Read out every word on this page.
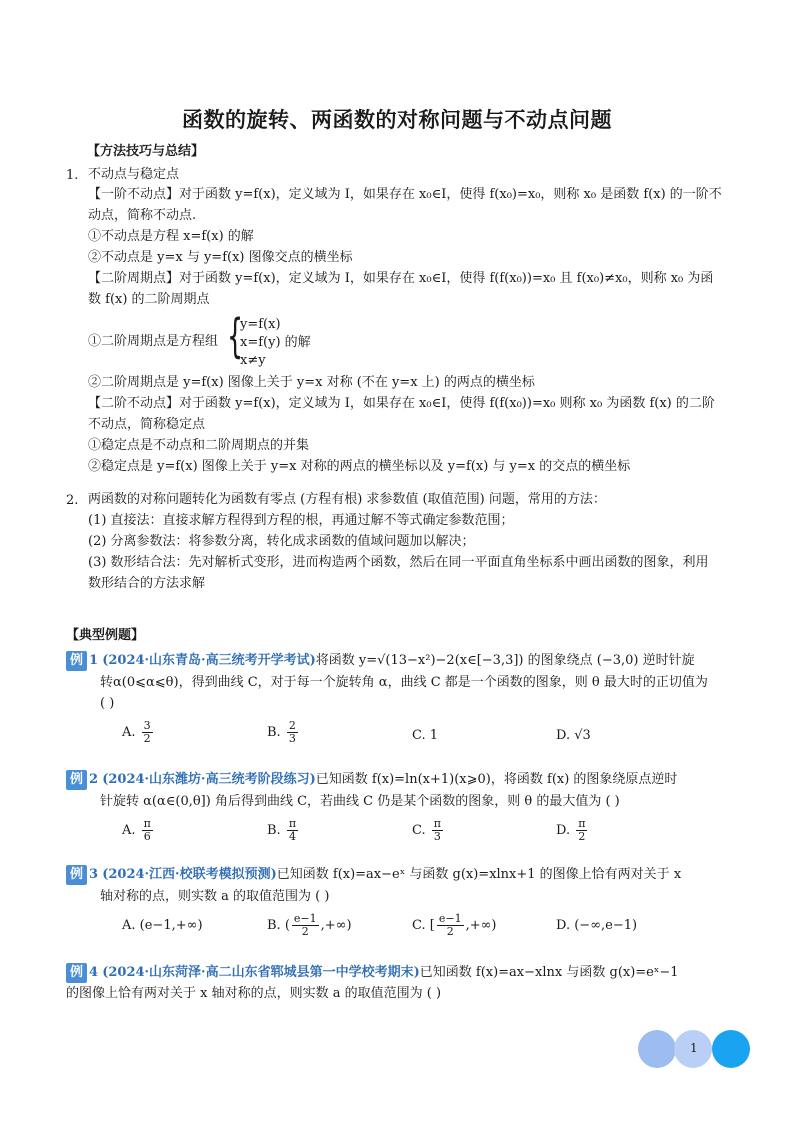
函数的旋转、两函数的对称问题与不动点问题
【方法技巧与总结】
1. 不动点与稳定点
【一阶不动点】对于函数 y=f(x)，定义域为 I，如果存在 x₀∈I，使得 f(x₀)=x₀，则称 x₀ 是函数 f(x) 的一阶不
动点，简称不动点.
①不动点是方程 x=f(x) 的解
②不动点是 y=x 与 y=f(x) 图像交点的横坐标
【二阶周期点】对于函数 y=f(x)，定义域为 I，如果存在 x₀∈I，使得 f(f(x₀))=x₀ 且 f(x₀)≠x₀，则称 x₀ 为函
数 f(x) 的二阶周期点
①二阶周期点是方程组 {
y=f(x)
x=f(y) 的解
x≠y
②二阶周期点是 y=f(x) 图像上关于 y=x 对称 (不在 y=x 上) 的两点的横坐标
【二阶不动点】对于函数 y=f(x)，定义域为 I，如果存在 x₀∈I，使得 f(f(x₀))=x₀ 则称 x₀ 为函数 f(x) 的二阶
不动点，简称稳定点
①稳定点是不动点和二阶周期点的并集
②稳定点是 y=f(x) 图像上关于 y=x 对称的两点的横坐标以及 y=f(x) 与 y=x 的交点的横坐标
2. 两函数的对称问题转化为函数有零点 (方程有根) 求参数值 (取值范围) 问题，常用的方法：
(1) 直接法：直接求解方程得到方程的根，再通过解不等式确定参数范围；
(2) 分离参数法：将参数分离，转化成求函数的值域问题加以解决；
(3) 数形结合法：先对解析式变形，进而构造两个函数，然后在同一平面直角坐标系中画出函数的图象，利用
数形结合的方法求解
【典型例题】
例 1 (2024·山东青岛·高三统考开学考试)将函数 y=√(13−x²)−2(x∈[−3,3]) 的图象绕点 (−3,0) 逆时针旋
转α(0⩽α⩽θ)，得到曲线 C，对于每一个旋转角 α，曲线 C 都是一个函数的图象，则 θ 最大时的正切值为
( )
A. $\frac{3}{2}$	B. $\frac{2}{3}$	C. 1	D. √3
例 2 (2024·山东潍坊·高三统考阶段练习)已知函数 f(x)=ln(x+1)(x⩾0)，将函数 f(x) 的图象绕原点逆时
针旋转 α(α∈(0,θ]) 角后得到曲线 C，若曲线 C 仍是某个函数的图象，则 θ 的最大值为 ( )
A. $\frac{\pi}{6}$	B. $\frac{\pi}{4}$	C. $\frac{\pi}{3}$	D. $\frac{\pi}{2}$
例 3 (2024·江西·校联考模拟预测)已知函数 f(x)=ax−eˣ 与函数 g(x)=xlnx+1 的图像上恰有两对关于 x
轴对称的点，则实数 a 的取值范围为 ( )
A. (e−1,+∞)	B. ( $\frac{e-1}{2}$ ,+∞)	C. [ $\frac{e-1}{2}$ ,+∞)	D. (−∞,e−1)
例 4 (2024·山东菏泽·高二山东省郓城县第一中学校考期末)已知函数 f(x)=ax−xlnx 与函数 g(x)=eˣ−1
的图像上恰有两对关于 x 轴对称的点，则实数 a 的取值范围为 ( )
1
